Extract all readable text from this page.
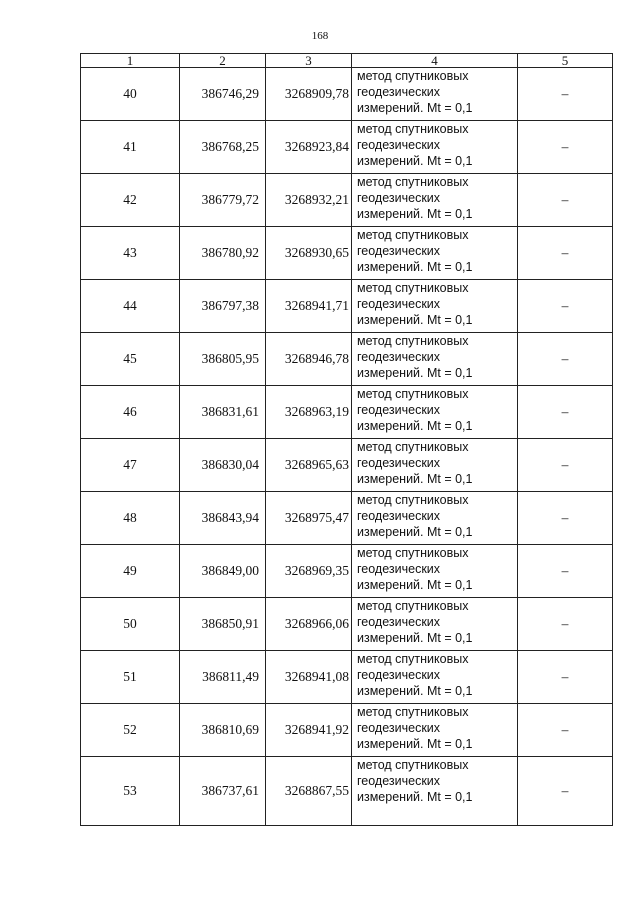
168
1	2	3	4	5
40	386746,29	3268909,78	метод спутниковых
геодезических
измерений. Mt = 0,1	–
41	386768,25	3268923,84	метод спутниковых
геодезических
измерений. Mt = 0,1	–
42	386779,72	3268932,21	метод спутниковых
геодезических
измерений. Mt = 0,1	–
43	386780,92	3268930,65	метод спутниковых
геодезических
измерений. Mt = 0,1	–
44	386797,38	3268941,71	метод спутниковых
геодезических
измерений. Mt = 0,1	–
45	386805,95	3268946,78	метод спутниковых
геодезических
измерений. Mt = 0,1	–
46	386831,61	3268963,19	метод спутниковых
геодезических
измерений. Mt = 0,1	–
47	386830,04	3268965,63	метод спутниковых
геодезических
измерений. Mt = 0,1	–
48	386843,94	3268975,47	метод спутниковых
геодезических
измерений. Mt = 0,1	–
49	386849,00	3268969,35	метод спутниковых
геодезических
измерений. Mt = 0,1	–
50	386850,91	3268966,06	метод спутниковых
геодезических
измерений. Mt = 0,1	–
51	386811,49	3268941,08	метод спутниковых
геодезических
измерений. Mt = 0,1	–
52	386810,69	3268941,92	метод спутниковых
геодезических
измерений. Mt = 0,1	–
53	386737,61	3268867,55	метод спутниковых
геодезических
измерений. Mt = 0,1	–
